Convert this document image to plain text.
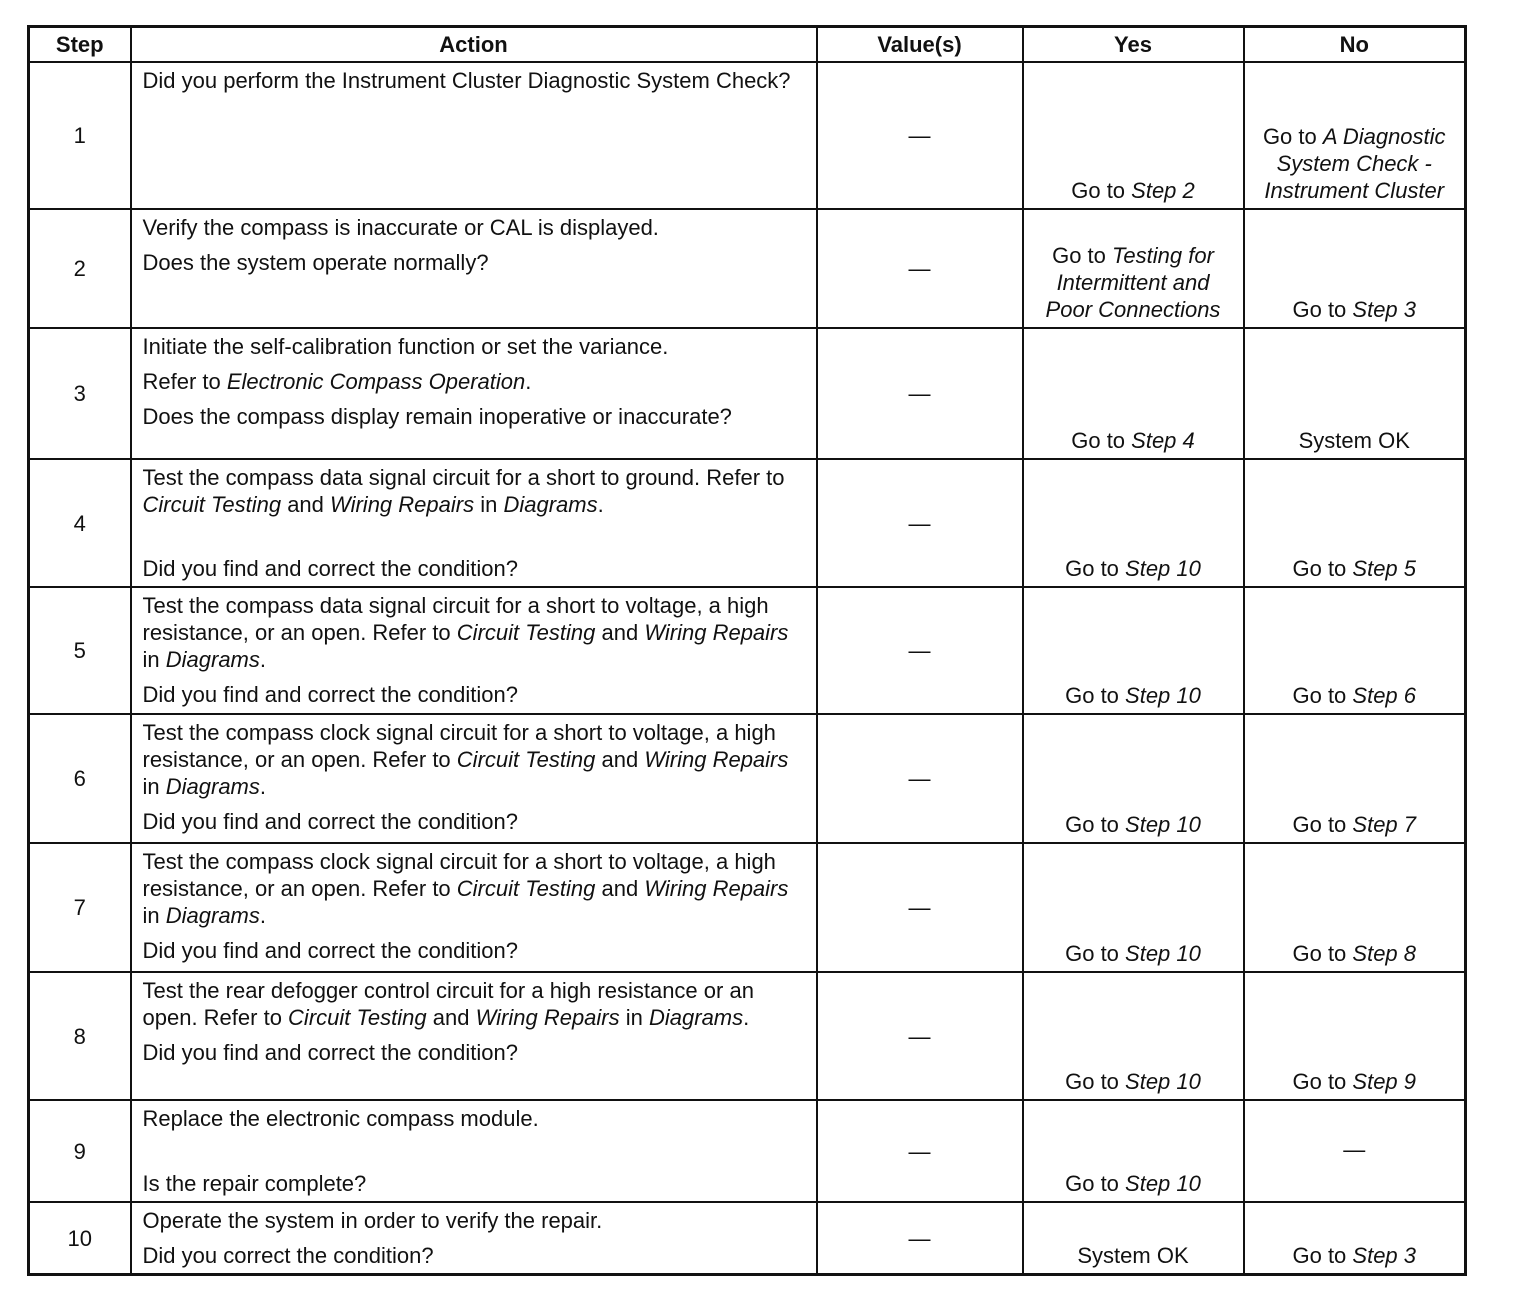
Step	Action	Value(s)	Yes	No
1	Did you perform the Instrument Cluster Diagnostic System Check?	—	Go to Step 2	Go to A Diagnostic System Check - Instrument Cluster

2	Verify the compass is inaccurate or CAL is displayed.

Does the system operate normally?	—	Go to Testing for Intermittent and Poor Connections	Go to Step 3

3	Initiate the self-calibration function or set the variance.

Refer to Electronic Compass Operation.

Does the compass display remain inoperative or inaccurate?	—	Go to Step 4	System OK

4	Test the compass data signal circuit for a short to ground. Refer to Circuit Testing and Wiring Repairs in Diagrams.

Did you find and correct the condition?	—	Go to Step 10	Go to Step 5

5	Test the compass data signal circuit for a short to voltage, a high resistance, or an open. Refer to Circuit Testing and Wiring Repairs in Diagrams.

Did you find and correct the condition?	—	Go to Step 10	Go to Step 6

6	Test the compass clock signal circuit for a short to voltage, a high resistance, or an open. Refer to Circuit Testing and Wiring Repairs in Diagrams.

Did you find and correct the condition?	—	Go to Step 10	Go to Step 7

7	Test the compass clock signal circuit for a short to voltage, a high resistance, or an open. Refer to Circuit Testing and Wiring Repairs in Diagrams.

Did you find and correct the condition?	—	Go to Step 10	Go to Step 8

8	Test the rear defogger control circuit for a high resistance or an open. Refer to Circuit Testing and Wiring Repairs in Diagrams.

Did you find and correct the condition?	—	Go to Step 10	Go to Step 9

9	Replace the electronic compass module.

Is the repair complete?	—	Go to Step 10	—

10	Operate the system in order to verify the repair.

Did you correct the condition?	—	System OK	Go to Step 3
